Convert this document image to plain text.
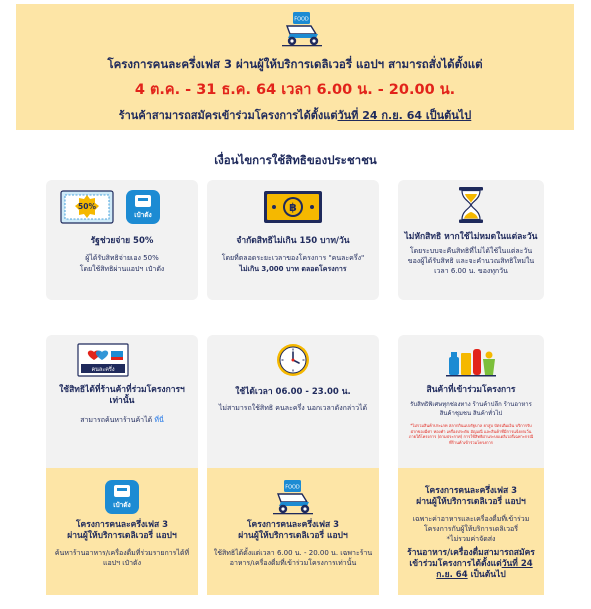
FOOD
โครงการคนละครึ่งเฟส 3 ผ่านผู้ให้บริการเดลิเวอรี่ แอปฯ สามารถสั่งได้ตั้งแต่
4 ต.ค. - 31 ธ.ค. 64 เวลา 6.00 น. - 20.00 น.
ร้านค้าสามารถสมัครเข้าร่วมโครงการได้ตั้งแต่วันที่ 24 ก.ย. 64 เป็นต้นไป
เงื่อนไขการใช้สิทธิของประชาชน
50%
เป๋าตัง
รัฐช่วยจ่าย 50%
ผู้ได้รับสิทธิจ่ายเอง 50%
โดยใช้สิทธิผ่านแอปฯ เป๋าตัง
฿
จำกัดสิทธิไม่เกิน 150 บาท/วัน
โดยที่ตลอดระยะเวลาของโครงการ "คนละครึ่ง"
ไม่เกิน 3,000 บาท ตลอดโครงการ
ไม่หักสิทธิ หากใช้ไม่หมดในแต่ละวัน
โดยระบบจะคืนสิทธิที่ไม่ได้ใช้ในแต่ละวันของผู้ได้รับสิทธิ และจะคำนวณสิทธิใหม่ในเวลา 6.00 น. ของทุกวัน
คนละครึ่ง
ใช้สิทธิได้ที่ร้านค้าที่ร่วมโครงการฯ
เท่านั้น
สามารถค้นหาร้านค้าได้ ที่นี่
ใช้ได้เวลา 06.00 - 23.00 น.
ไม่สามารถใช้สิทธิ คนละครึ่ง นอกเวลาดังกล่าวได้
สินค้าที่เข้าร่วมโครงการ
รับสิทธิพิเศษทุกช่องทาง ร้านค้าปลีก ร้านอาหาร สินค้าชุมชน สินค้าทั่วไป
*ไม่รวมสินค้าประเภท สลากกินแบ่งรัฐบาล ยาสูบ บัตรเติมเงิน บริการรับฝากของมีค่า ทองคำ เครื่องประดับ อัญมณี และสินค้าที่มีการแจ้งยกเว้นภายใต้โครงการ (ตามประกาศ) การใช้สิทธิผ่านระบบเดลิเวอรี่เฉพาะกรณีที่ร้านค้าเข้าร่วมโครงการ
เป๋าตัง
โครงการคนละครึ่งเฟส 3
ผ่านผู้ให้บริการเดลิเวอรี่ แอปฯ
ค้นหาร้านอาหาร/เครื่องดื่มที่ร่วมรายการได้ที่ แอปฯ เป๋าตัง
FOOD
โครงการคนละครึ่งเฟส 3
ผ่านผู้ให้บริการเดลิเวอรี่ แอปฯ
ใช้สิทธิได้ตั้งแต่เวลา 6.00 น. - 20.00 น. เฉพาะร้านอาหาร/เครื่องดื่มที่เข้าร่วมโครงการเท่านั้น
โครงการคนละครึ่งเฟส 3
ผ่านผู้ให้บริการเดลิเวอรี่ แอปฯ
เฉพาะค่าอาหารและเครื่องดื่มที่เข้าร่วมโครงการกับผู้ให้บริการเดลิเวอรี่
*ไม่รวมค่าจัดส่ง
ร้านอาหาร/เครื่องดื่มสามารถสมัครเข้าร่วมโครงการได้ตั้งแต่วันที่ 24 ก.ย. 64 เป็นต้นไป
